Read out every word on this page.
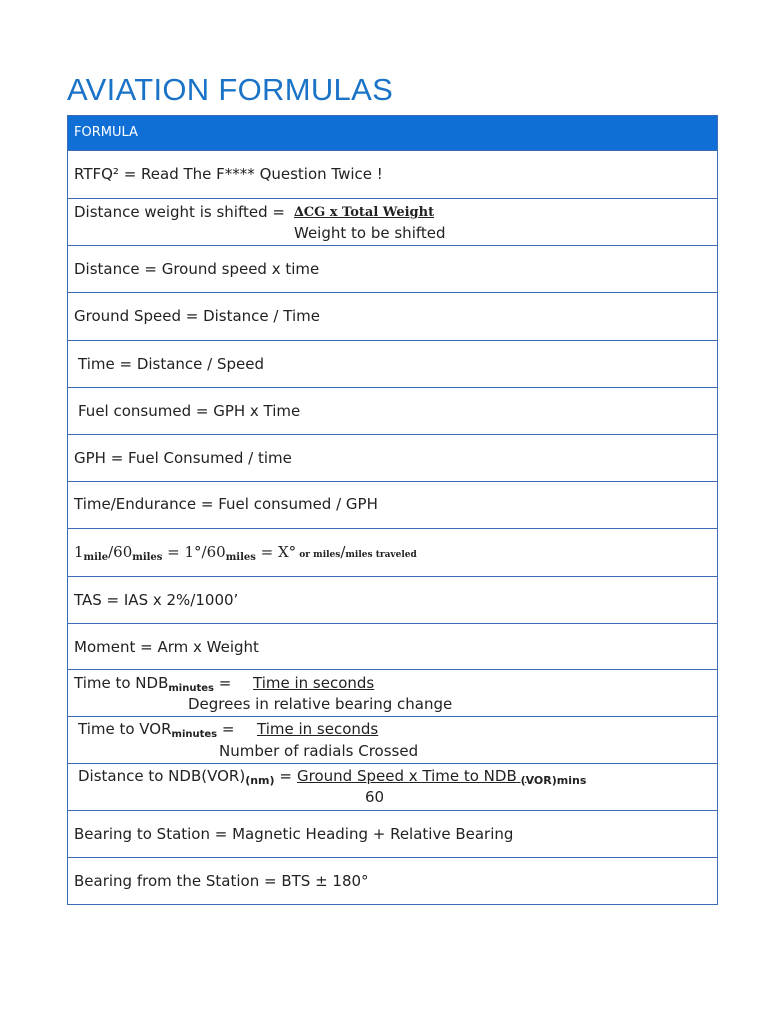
AVIATION FORMULAS
FORMULA
RTFQ² = Read The F**** Question Twice !
Distance weight is shifted = ∆CG x Total Weight
Weight to be shifted
Distance = Ground speed x time
Ground Speed = Distance / Time
Time = Distance / Speed
Fuel consumed = GPH x Time
GPH = Fuel Consumed / time
Time/Endurance = Fuel consumed / GPH
$1_{mile}/60_{miles} = 1^\circ/60_{miles} = X^\circ$ or miles/miles traveled
TAS = IAS x 2%/1000’
Moment = Arm x Weight
Time to $NDB_{minutes}$ = Time in seconds
Degrees in relative bearing change
Time to $VOR_{minutes}$ = Time in seconds
Number of radials Crossed
Distance to $NDB(VOR)_{(nm)}$ = Ground Speed x Time to NDB $_{(VOR)mins}$
60
Bearing to Station = Magnetic Heading + Relative Bearing
Bearing from the Station = BTS ± 180°
